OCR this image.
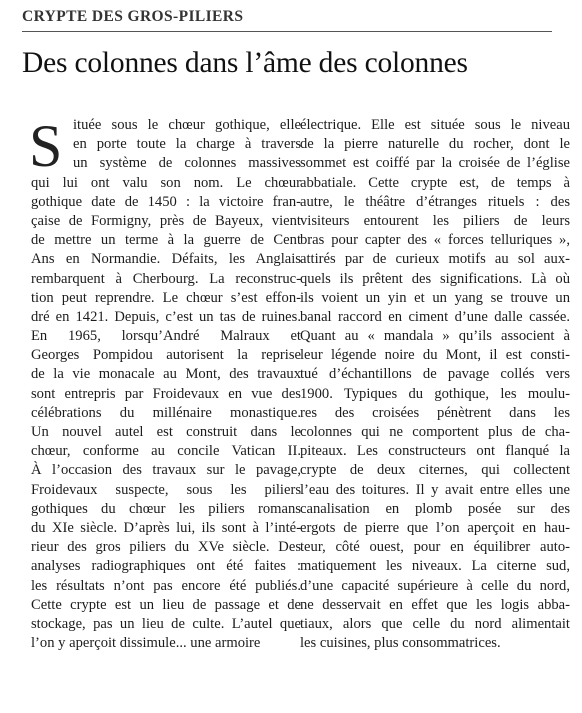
CRYPTE DES GROS-PILIERS
Des colonnes dans l’âme des colonnes
S ituée sous le chœur gothique, elle
en porte toute la charge à travers
un système de colonnes massives
qui lui ont valu son nom. Le chœur
gothique date de 1450 : la victoire fran-
çaise de Formigny, près de Bayeux, vient
de mettre un terme à la guerre de Cent
Ans en Normandie. Défaits, les Anglais
rembarquent à Cherbourg. La reconstruc-
tion peut reprendre. Le chœur s’est effon-
dré en 1421. Depuis, c’est un tas de ruines.
En 1965, lorsqu’André Malraux et
Georges Pompidou autorisent la reprise
de la vie monacale au Mont, des travaux
sont entrepris par Froidevaux en vue des
célébrations du millénaire monastique.
Un nouvel autel est construit dans le
chœur, conforme au concile Vatican II.
À l’occasion des travaux sur le pavage,
Froidevaux suspecte, sous les piliers
gothiques du chœur les piliers romans
du XIe siècle. D’après lui, ils sont à l’inté-
rieur des gros piliers du XVe siècle. Des
analyses radiographiques ont été faites :
les résultats n’ont pas encore été publiés.
Cette crypte est un lieu de passage et de
stockage, pas un lieu de culte. L’autel que
l’on y aperçoit dissimule... une armoire
électrique. Elle est située sous le niveau
de la pierre naturelle du rocher, dont le
sommet est coiffé par la croisée de l’église
abbatiale. Cette crypte est, de temps à
autre, le théâtre d’étranges rituels : des
visiteurs entourent les piliers de leurs
bras pour capter des « forces telluriques »,
attirés par de curieux motifs au sol aux-
quels ils prêtent des significations. Là où
ils voient un yin et un yang se trouve un
banal raccord en ciment d’une dalle cassée.
Quant au « mandala » qu’ils associent à
leur légende noire du Mont, il est consti-
tué d’échantillons de pavage collés vers
1900. Typiques du gothique, les moulu-
res des croisées pénètrent dans les
colonnes qui ne comportent plus de cha-
piteaux. Les constructeurs ont flanqué la
crypte de deux citernes, qui collectent
l’eau des toitures. Il y avait entre elles une
canalisation en plomb posée sur des
ergots de pierre que l’on aperçoit en hau-
teur, côté ouest, pour en équilibrer auto-
matiquement les niveaux. La citerne sud,
d’une capacité supérieure à celle du nord,
ne desservait en effet que les logis abba-
tiaux, alors que celle du nord alimentait
les cuisines, plus consommatrices.
